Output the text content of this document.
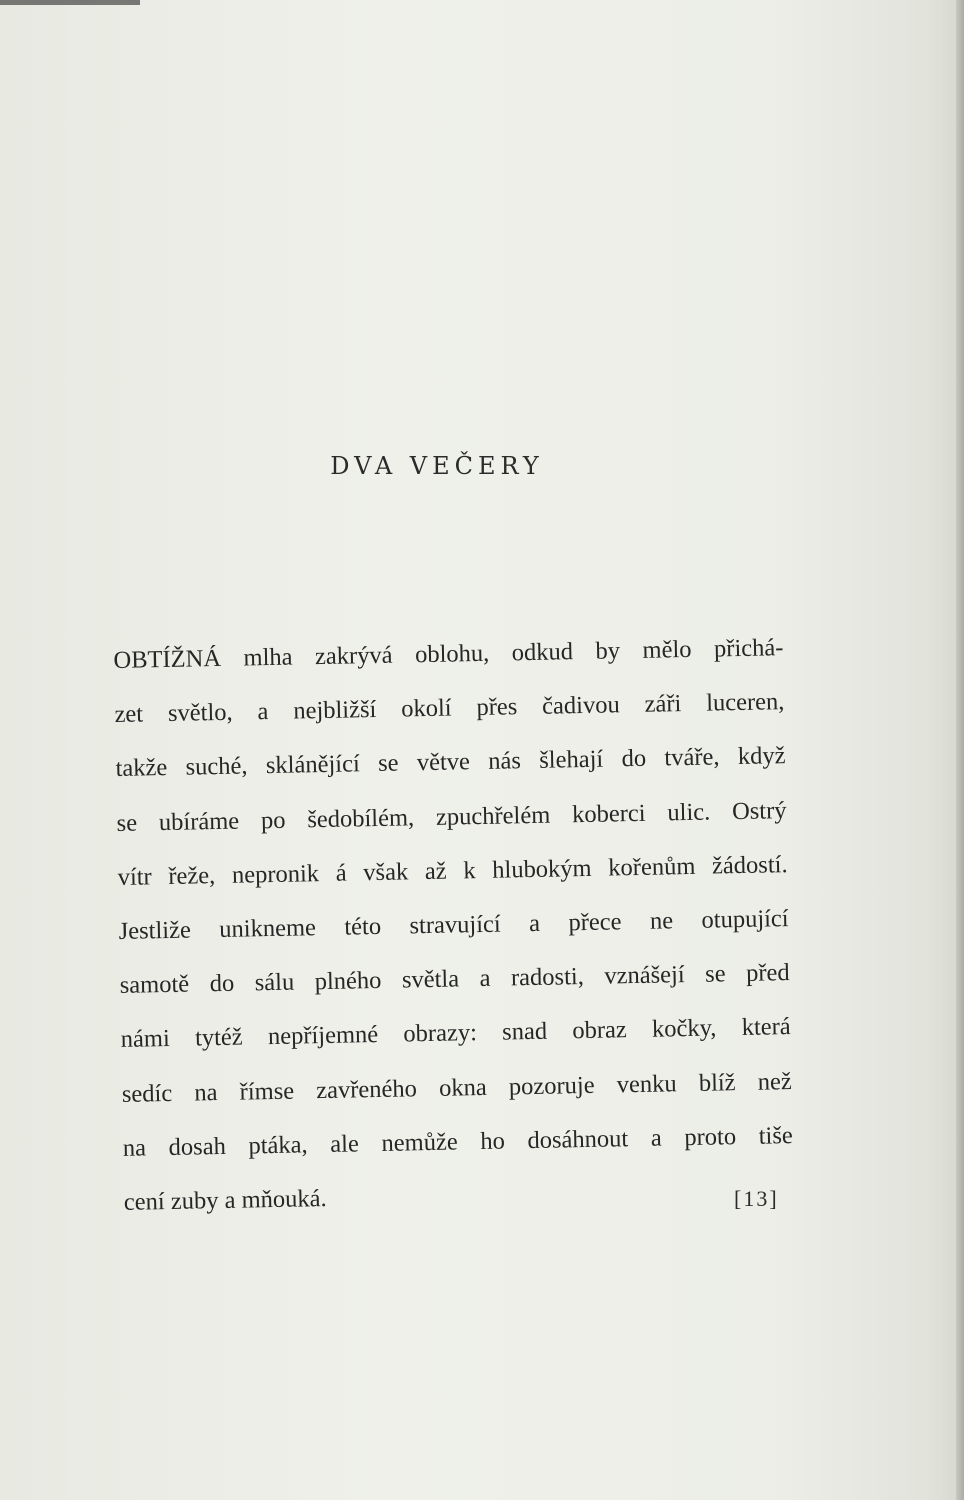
DVA VEČERY
OBTÍŽNÁ mlha zakrývá oblohu, odkud by mělo přichá-
zet světlo, a nejbližší okolí přes čadivou záři luceren,
takže suché, sklánějící se větve nás šlehají do tváře, když
se ubíráme po šedobílém, zpuchřelém koberci ulic. Ostrý
vítr řeže, nepronik á však až k hlubokým kořenům žádostí.
Jestliže unikneme této stravující a přece ne otupující
samotě do sálu plného světla a radosti, vznášejí se před
námi tytéž nepříjemné obrazy: snad obraz kočky, která
sedíc na římse zavřeného okna pozoruje venku blíž než
na dosah ptáka, ale nemůže ho dosáhnout a proto tiše
cení zuby a mňouká.	[13]
